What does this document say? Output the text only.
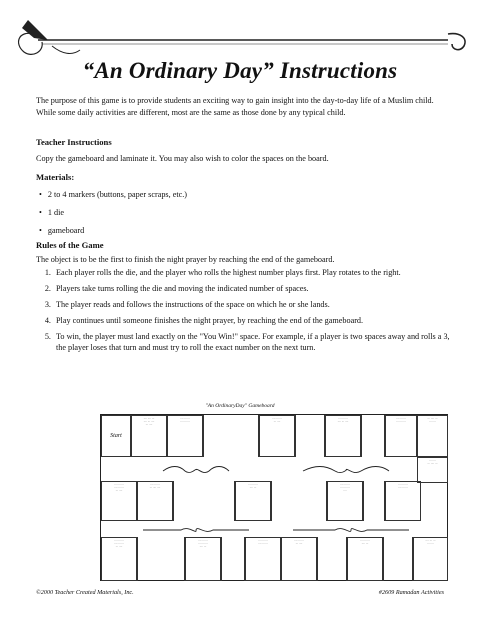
“An Ordinary Day” Instructions
The purpose of this game is to provide students an exciting way to gain insight into the day-to-day life of a Muslim child. While some daily activities are different, most are the same as those done by any typical child.
Teacher Instructions
Copy the gameboard and laminate it. You may also wish to color the spaces on the board.
Materials:
• 2 to 4 markers (buttons, paper scraps, etc.)
• 1 die
• gameboard
Rules of the Game
The object is to be the first to finish the night prayer by reaching the end of the gameboard.
1. Each player rolls the die, and the player who rolls the highest number plays first. Play rotates to the right.
2. Players take turns rolling the die and moving the indicated number of spaces.
3. The player reads and follows the instructions of the space on which he or she lands.
4. Play continues until someone finishes the night prayer, by reaching the end of the gameboard.
5. To win, the player must land exactly on the "You Win!" space. For example, if a player is two spaces away and rolls a 3, the player loses that turn and must try to roll the exact number on the next turn.
"An OrdinaryDay" Gameboard
Start
···· ···· ···
···· ··· ····
··· ····
···· ··· ···
··· ···· ···
···· ··· ···
··· ····
··· ···· ···
···· ··· ····
···· ··· ···
··· ···· ···
··· ···· ···
···· ···
···· ···
··· ···· ···
··· ···· ···
···· ··· ···
··· ····
···· ··· ···
··· ···· ····
··· ···· ···
···· ···
···· ··· ···
··· ···· ···
····
··· ···· ···
···· ··· ···
··· ···· ···
···· ··· ···
··· ····
···· ··· ···
··· ···· ···
···· ···
··· ···· ···
···· ··· ···
···· ··· ···
··· ····
··· ···· ···
···· ···
···· ··· ···
··· ····
©2000 Teacher Created Materials, Inc.	#2609 Ramadan Activities
